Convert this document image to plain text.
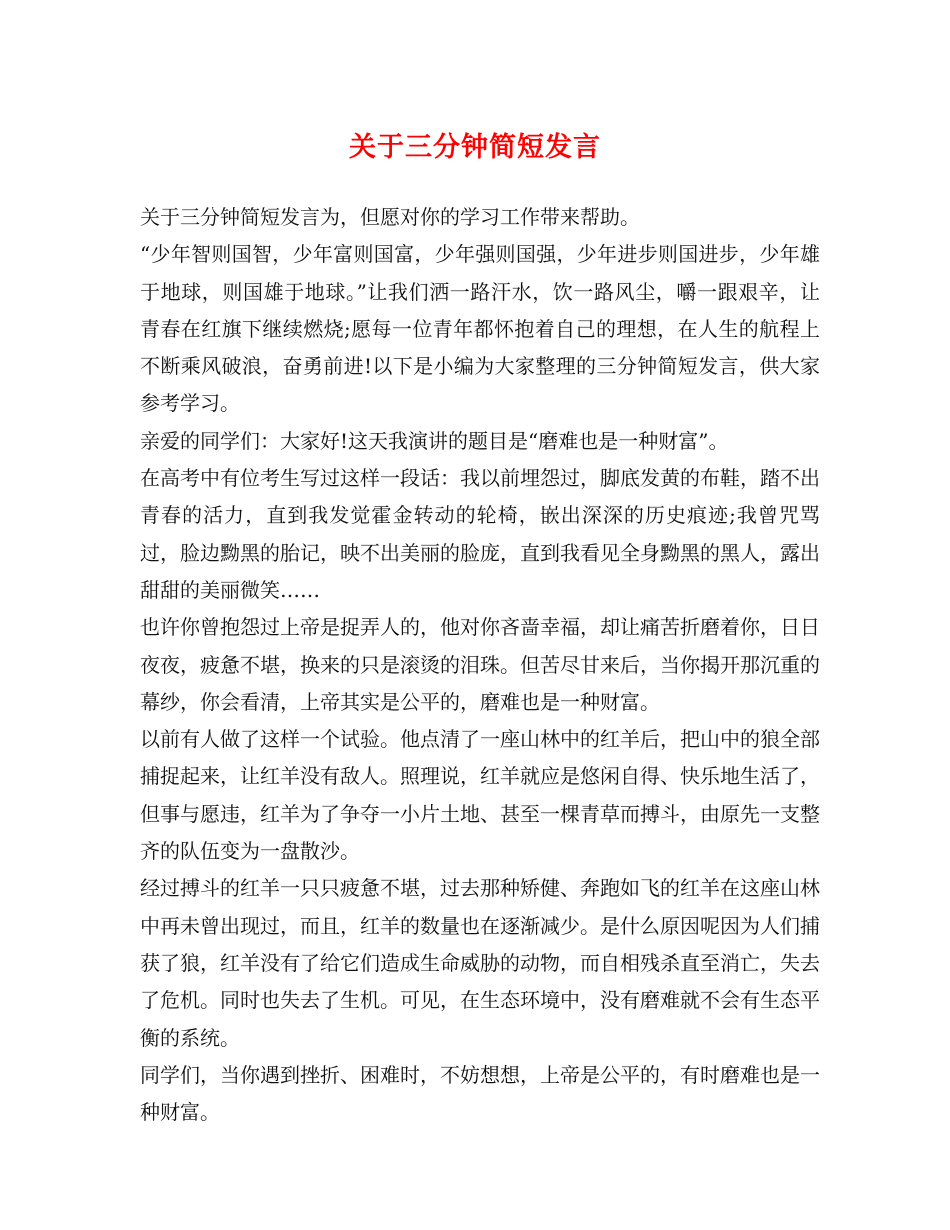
关于三分钟简短发言

关于三分钟简短发言为，但愿对你的学习工作带来帮助。

“少年智则国智，少年富则国富，少年强则国强，少年进步则国进步，少年雄于地球，则国雄于地球。”让我们洒一路汗水，饮一路风尘，嚼一跟艰辛，让青春在红旗下继续燃烧;愿每一位青年都怀抱着自己的理想，在人生的航程上不断乘风破浪，奋勇前进!以下是小编为大家整理的三分钟简短发言，供大家参考学习。

亲爱的同学们：大家好!这天我演讲的题目是“磨难也是一种财富”。

在高考中有位考生写过这样一段话：我以前埋怨过，脚底发黄的布鞋，踏不出青春的活力，直到我发觉霍金转动的轮椅，嵌出深深的历史痕迹;我曾咒骂过，脸边黝黑的胎记，映不出美丽的脸庞，直到我看见全身黝黑的黑人，露出甜甜的美丽微笑……

也许你曾抱怨过上帝是捉弄人的，他对你吝啬幸福，却让痛苦折磨着你，日日夜夜，疲惫不堪，换来的只是滚烫的泪珠。但苦尽甘来后，当你揭开那沉重的幕纱，你会看清，上帝其实是公平的，磨难也是一种财富。

以前有人做了这样一个试验。他点清了一座山林中的红羊后，把山中的狼全部捕捉起来，让红羊没有敌人。照理说，红羊就应是悠闲自得、快乐地生活了，但事与愿违，红羊为了争夺一小片土地、甚至一棵青草而搏斗，由原先一支整齐的队伍变为一盘散沙。

经过搏斗的红羊一只只疲惫不堪，过去那种矫健、奔跑如飞的红羊在这座山林中再未曾出现过，而且，红羊的数量也在逐渐减少。是什么原因呢因为人们捕获了狼，红羊没有了给它们造成生命威胁的动物，而自相残杀直至消亡，失去了危机。同时也失去了生机。可见，在生态环境中，没有磨难就不会有生态平衡的系统。

同学们，当你遇到挫折、困难时，不妨想想，上帝是公平的，有时磨难也是一种财富。
